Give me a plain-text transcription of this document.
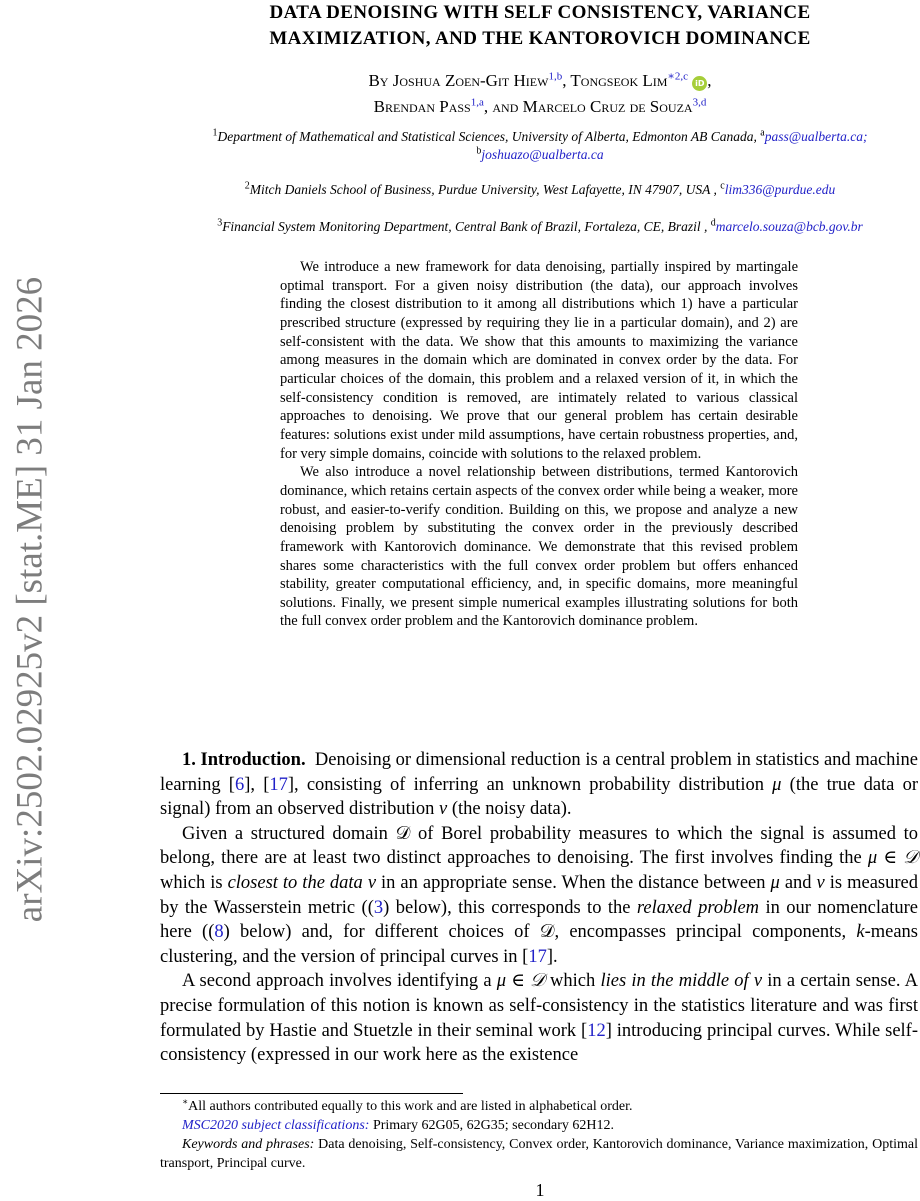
arXiv:2502.02925v2 [stat.ME] 31 Jan 2026
DATA DENOISING WITH SELF CONSISTENCY, VARIANCE
MAXIMIZATION, AND THE KANTOROVICH DOMINANCE
By Joshua Zoen-Git Hiew$^{1,b}$, Tongseok Lim$^{∗2,c}$ iD ,
Brendan Pass$^{1,a}$, and Marcelo Cruz de Souza$^{3,d}$
$^1$Department of Mathematical and Statistical Sciences, University of Alberta, Edmonton AB Canada, $^a$pass@ualberta.ca;
$^b$joshuazo@ualberta.ca
$^2$Mitch Daniels School of Business, Purdue University, West Lafayette, IN 47907, USA , $^c$lim336@purdue.edu
$^3$Financial System Monitoring Department, Central Bank of Brazil, Fortaleza, CE, Brazil , $^d$marcelo.souza@bcb.gov.br

We introduce a new framework for data denoising, partially inspired by martingale optimal transport. For a given noisy distribution (the data), our approach involves finding the closest distribution to it among all distributions which 1) have a particular prescribed structure (expressed by requiring they lie in a particular domain), and 2) are self-consistent with the data. We show that this amounts to maximizing the variance among measures in the domain which are dominated in convex order by the data. For particular choices of the domain, this problem and a relaxed version of it, in which the self-consistency condition is removed, are intimately related to various classical approaches to denoising. We prove that our general problem has certain desirable features: solutions exist under mild assumptions, have certain robustness properties, and, for very simple domains, coincide with solutions to the relaxed problem.

We also introduce a novel relationship between distributions, termed Kantorovich dominance, which retains certain aspects of the convex order while being a weaker, more robust, and easier-to-verify condition. Building on this, we propose and analyze a new denoising problem by substituting the convex order in the previously described framework with Kantorovich dominance. We demonstrate that this revised problem shares some characteristics with the full convex order problem but offers enhanced stability, greater computational efficiency, and, in specific domains, more meaningful solutions. Finally, we present simple numerical examples illustrating solutions for both the full convex order problem and the Kantorovich dominance problem.

1. Introduction. Denoising or dimensional reduction is a central problem in statistics and machine learning [6], [17], consisting of inferring an unknown probability distribution μ (the true data or signal) from an observed distribution ν (the noisy data).

Given a structured domain 𝒟 of Borel probability measures to which the signal is assumed to belong, there are at least two distinct approaches to denoising. The first involves finding the μ ∈ 𝒟 which is closest to the data ν in an appropriate sense. When the distance between μ and ν is measured by the Wasserstein metric ((3) below), this corresponds to the relaxed problem in our nomenclature here ((8) below) and, for different choices of 𝒟, encompasses principal components, k-means clustering, and the version of principal curves in [17].

A second approach involves identifying a μ ∈ 𝒟 which lies in the middle of ν in a certain sense. A precise formulation of this notion is known as self-consistency in the statistics literature and was first formulated by Hastie and Stuetzle in their seminal work [12] introducing principal curves. While self-consistency (expressed in our work here as the existence

∗All authors contributed equally to this work and are listed in alphabetical order.

MSC2020 subject classifications: Primary 62G05, 62G35; secondary 62H12.

Keywords and phrases: Data denoising, Self-consistency, Convex order, Kantorovich dominance, Variance maximization, Optimal transport, Principal curve.

1
